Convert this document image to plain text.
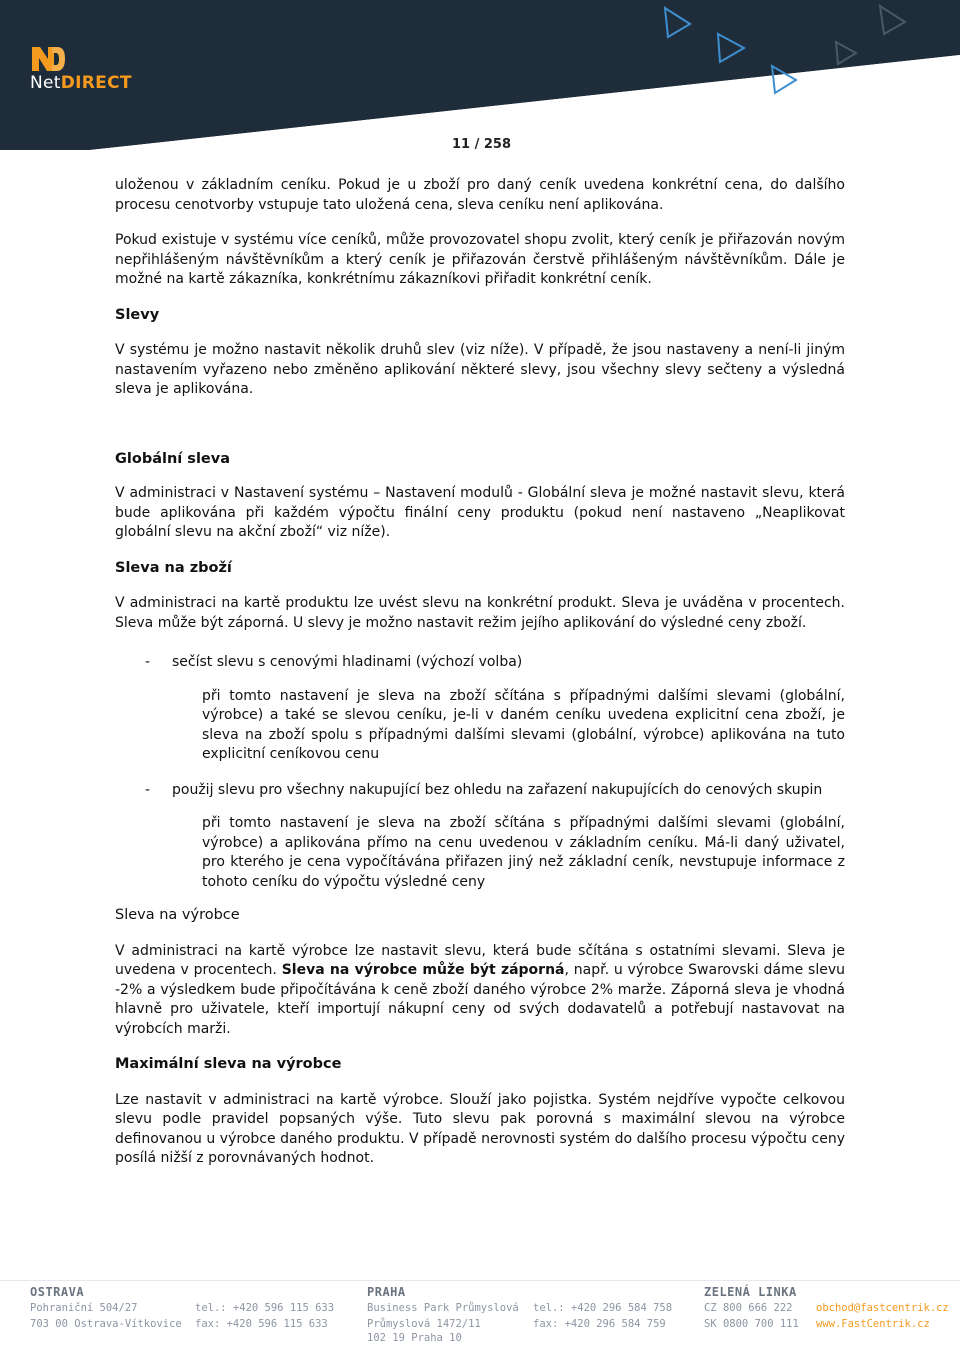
NetDIRECT
11 / 258

uloženou v základním ceníku. Pokud je u zboží pro daný ceník uvedena konkrétní cena, do dalšího procesu cenotvorby vstupuje tato uložená cena, sleva ceníku není aplikována.

Pokud existuje v systému více ceníků, může provozovatel shopu zvolit, který ceník je přiřazován novým nepřihlášeným návštěvníkům a který ceník je přiřazován čerstvě přihlášeným návštěvníkům. Dále je možné na kartě zákazníka, konkrétnímu zákazníkovi přiřadit konkrétní ceník.

Slevy

V systému je možno nastavit několik druhů slev (viz níže). V případě, že jsou nastaveny a není-li jiným nastavením vyřazeno nebo změněno aplikování některé slevy, jsou všechny slevy sečteny a výsledná sleva je aplikována.

Globální sleva

V administraci v Nastavení systému – Nastavení modulů - Globální sleva je možné nastavit slevu, která bude aplikována při každém výpočtu finální ceny produktu (pokud není nastaveno „Neaplikovat globální slevu na akční zboží“ viz níže).

Sleva na zboží

V administraci na kartě produktu lze uvést slevu na konkrétní produkt. Sleva je uváděna v procentech. Sleva může být záporná. U slevy je možno nastavit režim jejího aplikování do výsledné ceny zboží.

- sečíst slevu s cenovými hladinami (výchozí volba)

při tomto nastavení je sleva na zboží sčítána s případnými dalšími slevami (globální, výrobce) a také se slevou ceníku, je-li v daném ceníku uvedena explicitní cena zboží, je sleva na zboží spolu s případnými dalšími slevami (globální, výrobce) aplikována na tuto explicitní ceníkovou cenu

- použij slevu pro všechny nakupující bez ohledu na zařazení nakupujících do cenových skupin

při tomto nastavení je sleva na zboží sčítána s případnými dalšími slevami (globální, výrobce) a aplikována přímo na cenu uvedenou v základním ceníku. Má-li daný uživatel, pro kterého je cena vypočítávána přiřazen jiný než základní ceník, nevstupuje informace z tohoto ceníku do výpočtu výsledné ceny

Sleva na výrobce

V administraci na kartě výrobce lze nastavit slevu, která bude sčítána s ostatními slevami. Sleva je uvedena v procentech. Sleva na výrobce může být záporná, např. u výrobce Swarovski dáme slevu -2% a výsledkem bude připočítávána k ceně zboží daného výrobce 2% marže. Záporná sleva je vhodná hlavně pro uživatele, kteří importují nákupní ceny od svých dodavatelů a potřebují nastavovat na výrobcích marži.

Maximální sleva na výrobce

Lze nastavit v administraci na kartě výrobce. Slouží jako pojistka. Systém nejdříve vypočte celkovou slevu podle pravidel popsaných výše. Tuto slevu pak porovná s maximální slevou na výrobce definovanou u výrobce daného produktu. V případě nerovnosti systém do dalšího procesu výpočtu ceny posílá nižší z porovnávaných hodnot.

OSTRAVA
Pohraniční 504/27
703 00 Ostrava-Vítkovice
tel.: +420 596 115 633
fax: +420 596 115 633
PRAHA
Business Park Průmyslová
Průmyslová 1472/11
102 19 Praha 10
tel.: +420 296 584 758
fax: +420 296 584 759
ZELENÁ LINKA
CZ 800 666 222
SK 0800 700 111
obchod@fastcentrik.cz
www.FastCentrik.cz
